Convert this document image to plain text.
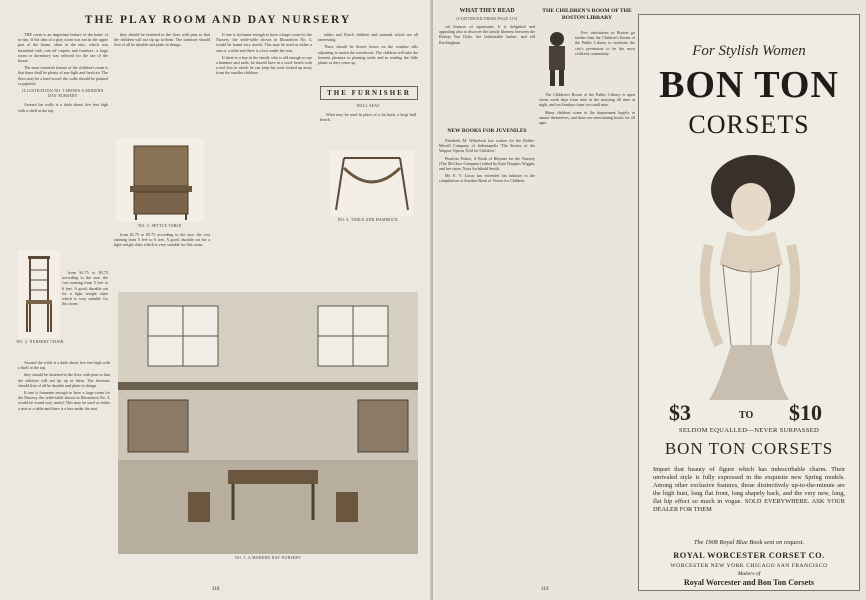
THE PLAY ROOM AND DAY NURSERY

THE room is an important feature of the home of to-day. If the idea of a play room was not in the upper part of the house, often in the attic, which was furnished with cast-off carpets and furniture, a large room or dormitory was selected for the use of the house.

The most essential feature of the children's room is that there shall be plenty of sun-light and fresh air. The floor may be a hard wood; the walls should be painted or papered.

ILLUSTRATION NO. I SHOWS A MODERN DAY NURSERY

Around the walls is a dado about five feet high with a shelf at the top.

NO. 2. NURSERY CHAIR

from $1.75 to $5.75 according to the size, the cost running from 5 feet to 6 feet. A good, durable oat for a light weight chair which is very suitable for this room.

they should be fastened to the floor with pins so that the children will not tip up in them. The furniture should first of all be durable and plain in design.

NO. 3. SETTLE TABLE

from $1.75 to $5.75 according to the size, the cost running from 5 feet to 6 feet. A good, durable oat for a light weight chair which is very suitable for this room.

If one is fortunate enough to have a large room for the Nursery, the settle-table shown in Illustration No. 3, would be found very useful. This may be used as either a seat or a table and there is a box under the seat.

If there is a boy in the family who is old enough to use a hammer and nails, he should have in a work bench with a tool box in which he can keep his tools locked up away from the smaller children.

tables and Dutch children and animals which are all interesting.

There should be flower boxes on the window sills adjoining to match the woodwork. The children will take the keenest pleasure in planting seeds and in tending the little plants as they come up.

THE FURNISHER
WALL SEAT

What may be used in place of a fat back, a large hall bench.

NO. 4. TABLE AND HAMMOCK
NO. 5. A MODERN DAY NURSERY

Around the walls is a dado about five feet high with a shelf at the top.

they should be fastened to the floor with pins so that the children will not tip up in them. The furniture should first of all be durable and plain in design.

If one is fortunate enough to have a large room for the Nursery, the settle-table shown in Illustration No. 3, would be found very useful. This may be used as either a seat or a table and there is a box under the seat.

318
WHAT THEY READ
(CONTINUED FROM PAGE 315)

cal features of aquariums. It is delightful and appealing also to discover the family likeness between the Bishop Van Dyke, the fashionable barber, and old Buckingham.

NEW BOOKS FOR JUVENILES

Elizabeth M. Whitelock has written for the Bobbs-Merrill Company of Indianapolis 'The Stories of the Wagner Operas Told for Children.'

Pinafore Palace, A Book of Rhymes for the Nursery (The McClure Company) edited by Kate Douglas Wiggin, and her sister, Nora Archibald Smith.

Mr. E. V. Lucas has extended his industry to the compilation of Another Book of Verses for Children.

THE CHILDREN'S ROOM OF THE BOSTON LIBRARY

Few institutions in Boston go farther than the Children's Room of the Public Library to vindicate the city's pretension to be the most civilized community.

The Children's Room of the Public Library is open seven week days from nine in the morning till nine at night, and on Sundays from two until nine.

Many children come to the department largely to amuse themselves, and there are entertaining books for all ages.

319
For Stylish Women
BON TON
CORSETS
$3	TO $10
SELDOM EQUALLED—NEVER SURPASSED
BON TON CORSETS
Impart that beauty of figure which has indescribable charm. Their unrivaled style is fully expressed in the exquisite new Spring models. Among other exclusive features, those distinctively up-to-the-minute are the high bust, long flat front, long shapely back, and the very new, long, flat hip effect so much in vogue. SOLD EVERYWHERE. ASK YOUR DEALER FOR THEM
The 1908 Royal Blue Book sent on request.
ROYAL WORCESTER CORSET CO.
WORCESTER NEW YORK CHICAGO SAN FRANCISCO
Makers of
Royal Worcester and Bon Ton Corsets
